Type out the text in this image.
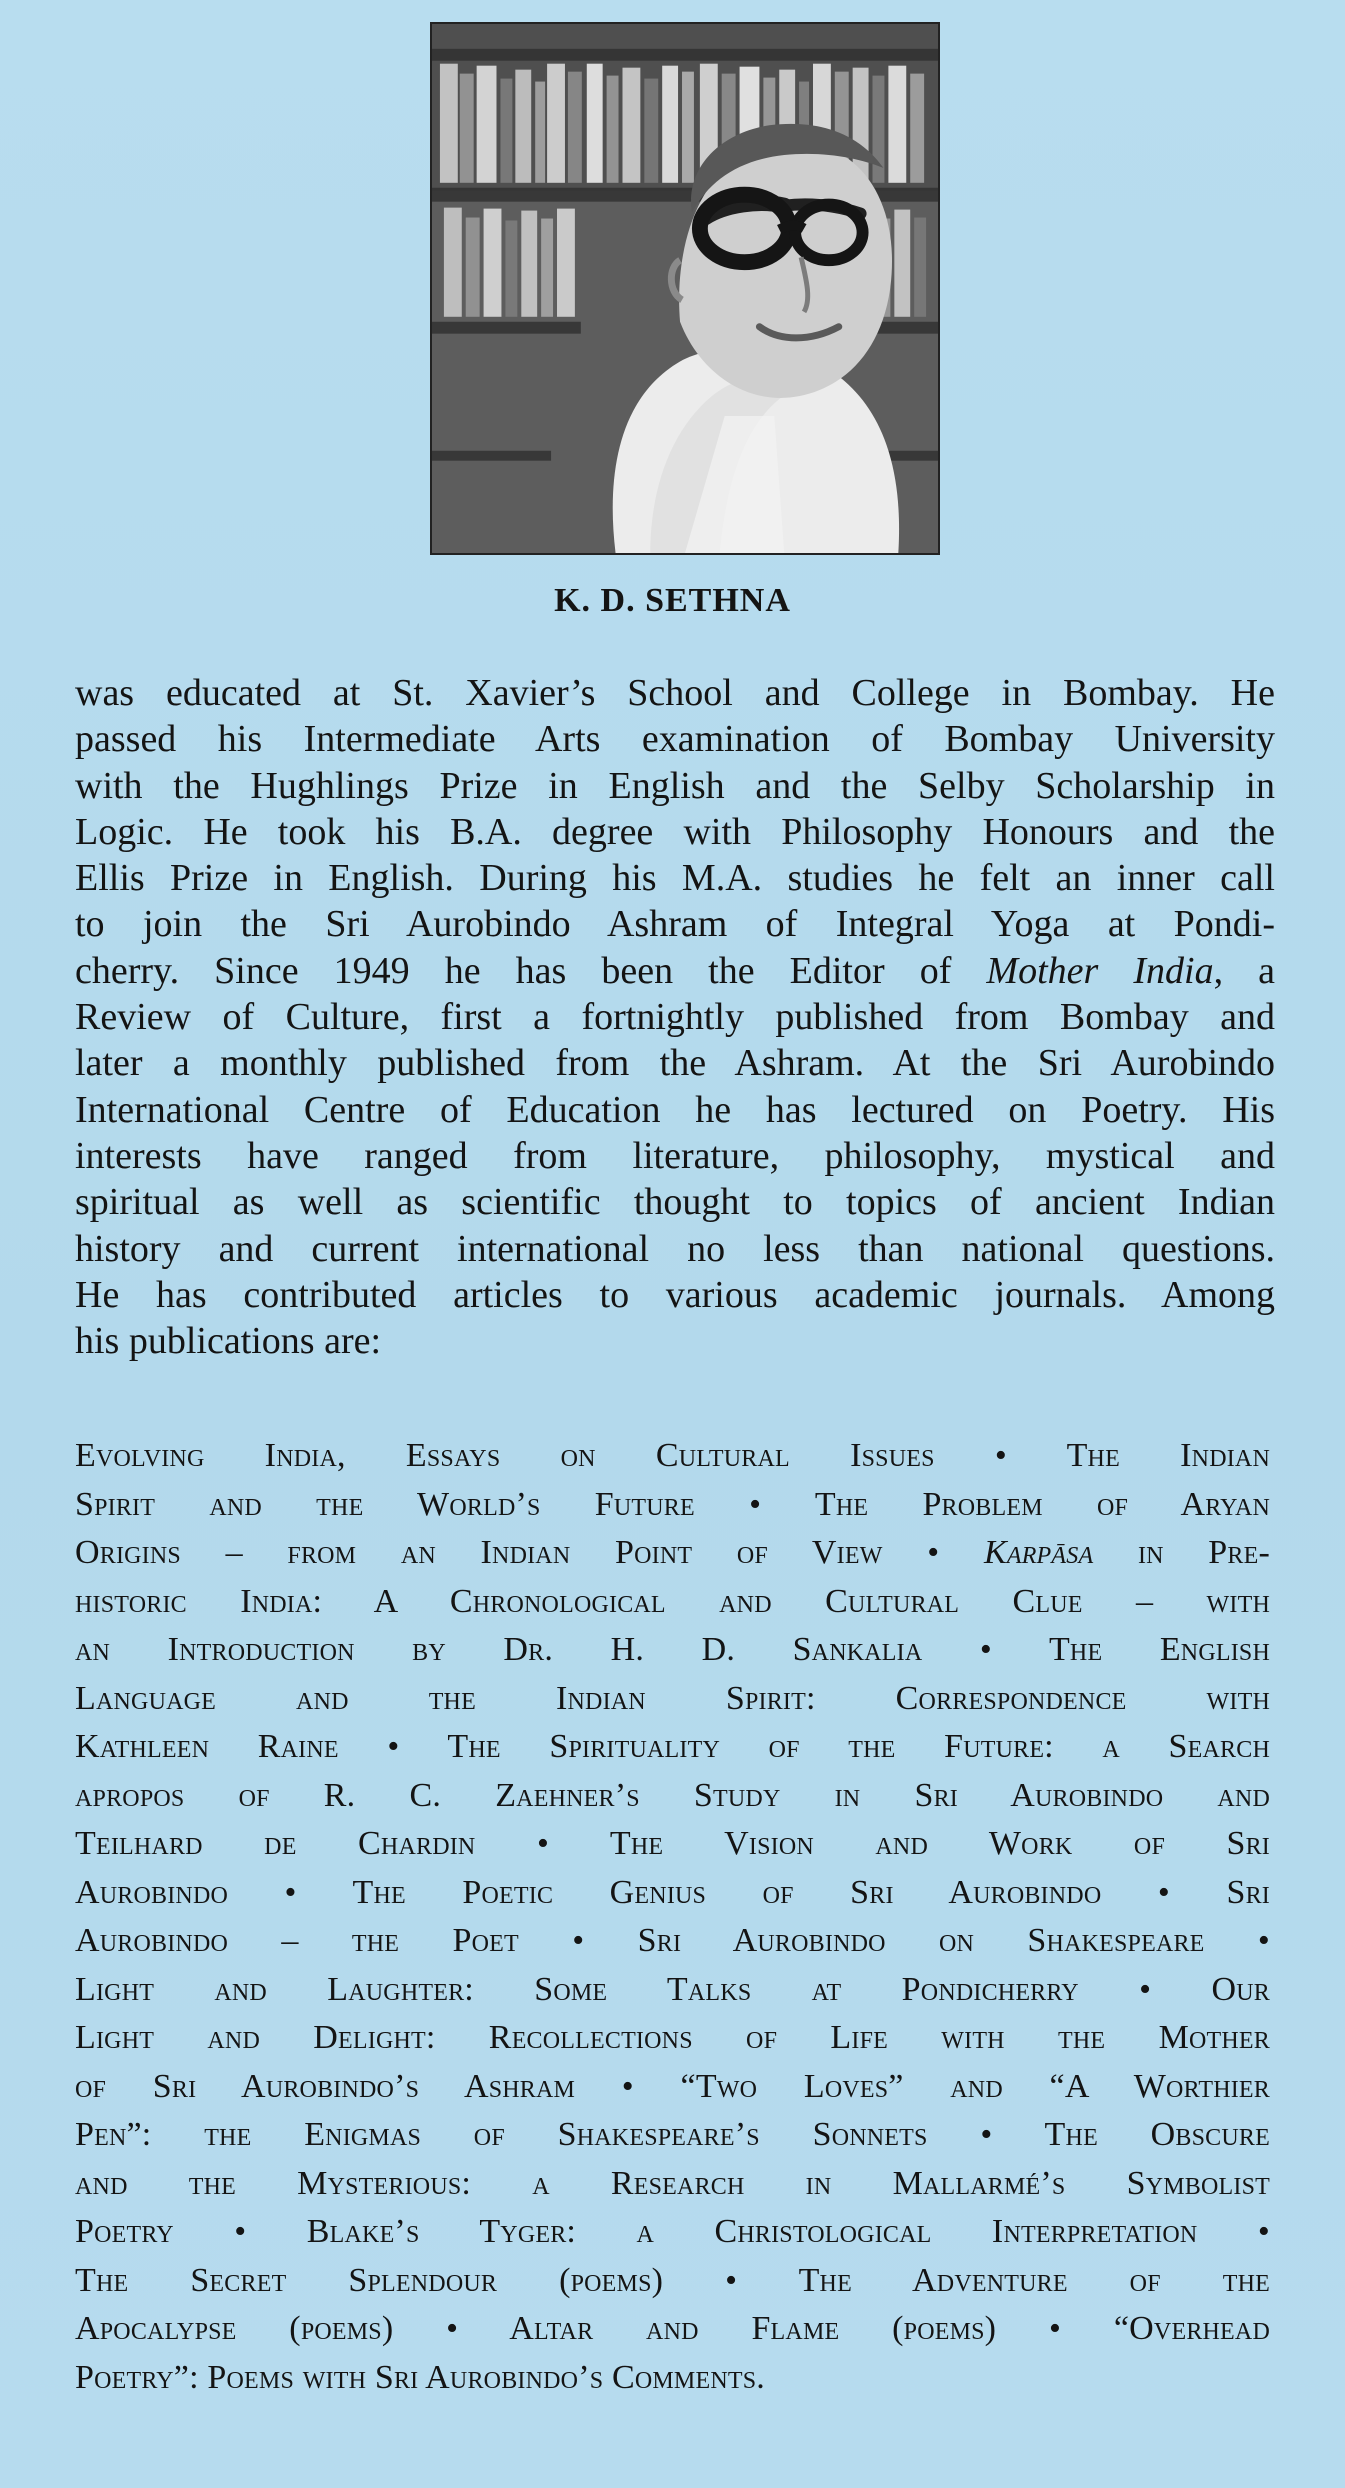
K. D. SETHNA
was educated at St. Xavier’s School and College in Bombay. He
passed his Intermediate Arts examination of Bombay University
with the Hughlings Prize in English and the Selby Scholarship in
Logic. He took his B.A. degree with Philosophy Honours and the
Ellis Prize in English. During his M.A. studies he felt an inner call
to join the Sri Aurobindo Ashram of Integral Yoga at Pondi-
cherry. Since 1949 he has been the Editor of Mother India, a
Review of Culture, first a fortnightly published from Bombay and
later a monthly published from the Ashram. At the Sri Aurobindo
International Centre of Education he has lectured on Poetry. His
interests have ranged from literature, philosophy, mystical and
spiritual as well as scientific thought to topics of ancient Indian
history and current international no less than national questions.
He has contributed articles to various academic journals. Among
his publications are:
Evolving India, Essays on Cultural Issues • The Indian
Spirit and the World’s Future • The Problem of Aryan
Origins – from an Indian Point of View • Karpāsa in Pre-
historic India: A Chronological and Cultural Clue – with
an Introduction by Dr. H. D. Sankalia • The English
Language and the Indian Spirit: Correspondence with
Kathleen Raine • The Spirituality of the Future: a Search
apropos of R. C. Zaehner’s Study in Sri Aurobindo and
Teilhard de Chardin • The Vision and Work of Sri
Aurobindo • The Poetic Genius of Sri Aurobindo • Sri
Aurobindo – the Poet • Sri Aurobindo on Shakespeare •
Light and Laughter: Some Talks at Pondicherry • Our
Light and Delight: Recollections of Life with the Mother
of Sri Aurobindo’s Ashram • “Two Loves” and “A Worthier
Pen”: the Enigmas of Shakespeare’s Sonnets • The Obscure
and the Mysterious: a Research in Mallarmé’s Symbolist
Poetry • Blake’s Tyger: a Christological Interpretation •
The Secret Splendour (poems) • The Adventure of the
Apocalypse (poems) • Altar and Flame (poems) • “Overhead
Poetry”: Poems with Sri Aurobindo’s Comments.
